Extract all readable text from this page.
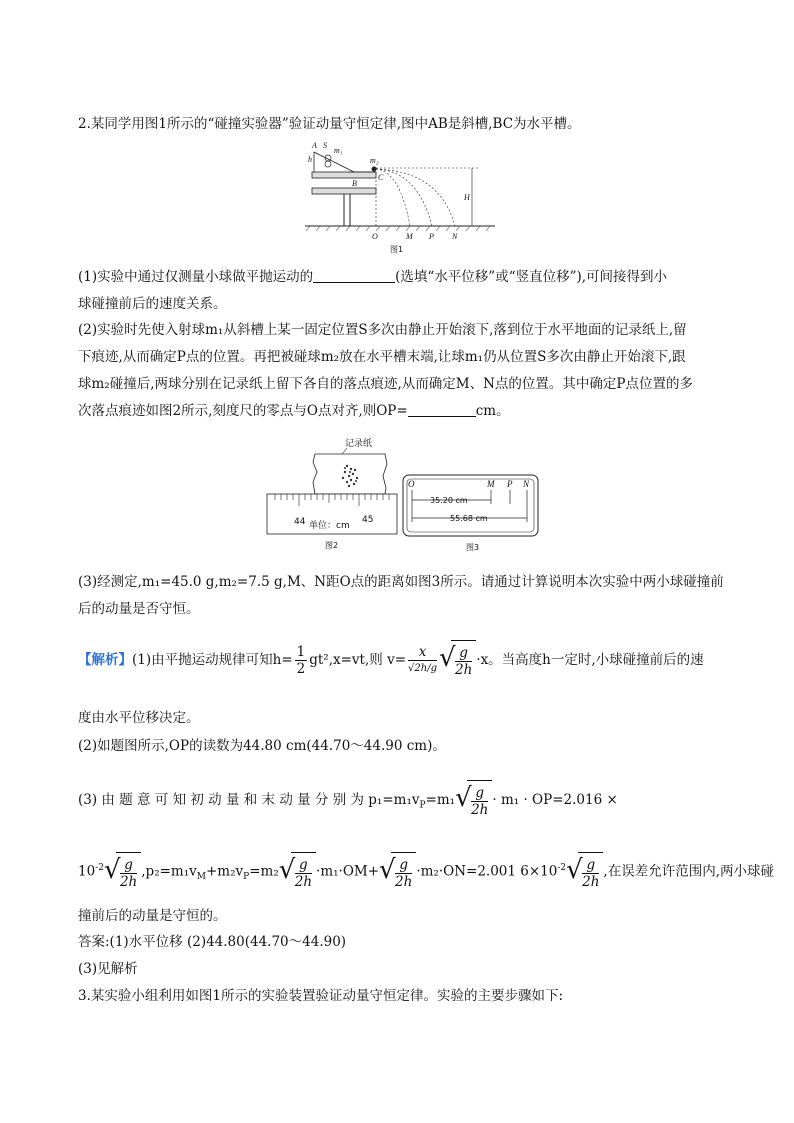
2.某同学用图1所示的“碰撞实验器”验证动量守恒定律,图中AB是斜槽,BC为水平槽。
A S
m₁
h
B
m₂
C
H
O	M P N
图1
(1)实验中通过仅测量小球做平抛运动的	(选填“水平位移”或“竖直位移”),可间接得到小
球碰撞前后的速度关系。
(2)实验时先使入射球m₁从斜槽上某一固定位置S多次由静止开始滚下,落到位于水平地面的记录纸上,留
下痕迹,从而确定P点的位置。再把被碰球m₂放在水平槽末端,让球m₁仍从位置S多次由静止开始滚下,跟
球m₂碰撞后,两球分别在记录纸上留下各自的落点痕迹,从而确定M、N点的位置。其中确定P点位置的多
次落点痕迹如图2所示,刻度尺的零点与O点对齐,则OP=	cm。
记录纸
44	45
单位：cm
图2
O	M P N
35.20 cm
55.68 cm
图3
(3)经测定,m₁=45.0 g,m₂=7.5 g,M、N距O点的距离如图3所示。请通过计算说明本次实验中两小球碰撞前
后的动量是否守恒。
【解析】(1)由平抛运动规律可知$h= \frac{1}{2} gt^2,x=vt$,则 $v= \frac{x}{√2h/g}$ √ $\frac{g}{2h} \cdot x$。当高度h一定时,小球碰撞前后的速
度由水平位移决定。
(2)如题图所示,OP的读数为44.80 cm(44.70～44.90 cm)。
(3) 由 题 意 可 知 初 动 量 和 末 动 量 分 别 为 $p_1=m_1v_P=m_1$ √ $\frac{g}{2h} \cdot m_1 \cdot OP=2.016$ ×
$10^{-2}$ √ $\frac{g}{2h} ,p_2=m_1v_M+m_2v_P=m_2$ √ $\frac{g}{2h} \cdot m_1\cdot OM+$ √ $\frac{g}{2h} \cdot m_2\cdot ON=2.001$ $6\times 10^{-2}$ √ $\frac{g}{2h}$ ,在误差允许范围内,两小球碰
撞前后的动量是守恒的。
答案:(1)水平位移 (2)44.80(44.70～44.90)
(3)见解析
3.某实验小组利用如图1所示的实验装置验证动量守恒定律。实验的主要步骤如下:
